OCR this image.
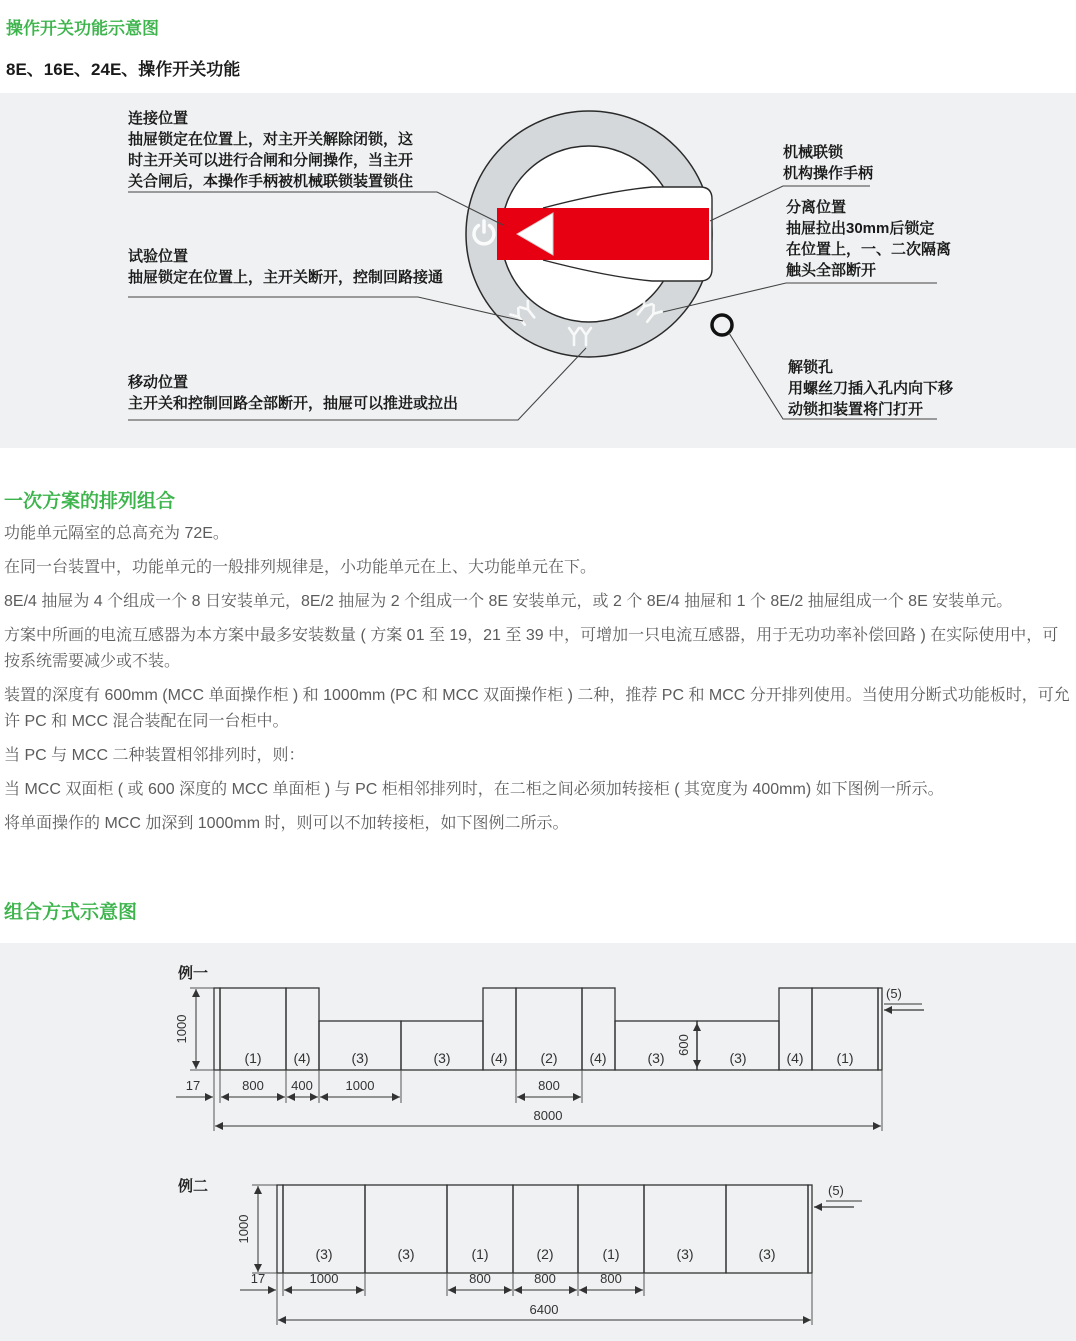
操作开关功能示意图
8E、16E、24E、操作开关功能
连接位置
抽屉锁定在位置上，对主开关解除闭锁，这
时主开关可以进行合闸和分闸操作，当主开
关合闸后，本操作手柄被机械联锁装置锁住
试验位置
抽屉锁定在位置上，主开关断开，控制回路接通
移动位置
主开关和控制回路全部断开，抽屉可以推进或拉出
机械联锁
机构操作手柄
分离位置
抽屉拉出30mm后锁定
在位置上，一、二次隔离
触头全部断开
解锁孔
用螺丝刀插入孔内向下移
动锁扣装置将门打开
一次方案的排列组合

功能单元隔室的总高充为 72E。

在同一台装置中，功能单元的一般排列规律是，小功能单元在上、大功能单元在下。

8E/4 抽屉为 4 个组成一个 8 日安装单元，8E/2 抽屉为 2 个组成一个 8E 安装单元，或 2 个 8E/4 抽屉和 1 个 8E/2 抽屉组成一个 8E 安装单元。

方案中所画的电流互感器为本方案中最多安装数量 ( 方案 01 至 19，21 至 39 中，可增加一只电流互感器，用于无功功率补偿回路 ) 在实际使用中，可按系统需要减少或不装。

装置的深度有 600mm (MCC 单面操作柜 ) 和 1000mm (PC 和 MCC 双面操作柜 ) 二种，推荐 PC 和 MCC 分开排列使用。当使用分断式功能板时，可允许 PC 和 MCC 混合装配在同一台柜中。

当 PC 与 MCC 二种装置相邻排列时，则：

当 MCC 双面柜 ( 或 600 深度的 MCC 单面柜 ) 与 PC 柜相邻排列时，在二柜之间必须加转接柜 ( 其宽度为 400mm) 如下图例一所示。

将单面操作的 MCC 加深到 1000mm 时，则可以不加转接柜，如下图例二所示。

组合方式示意图
例一
1000
(1) (4)	(3)	(3)	(4) (2) (4)	(3)	(3)	(4) (1)
600
(5)
17	800 400	1000	800
8000
例二
1000
(3)	(3)	(1)	(2)	(1)	(3)	(3)
(5)
17	1000	800	800	800
6400
